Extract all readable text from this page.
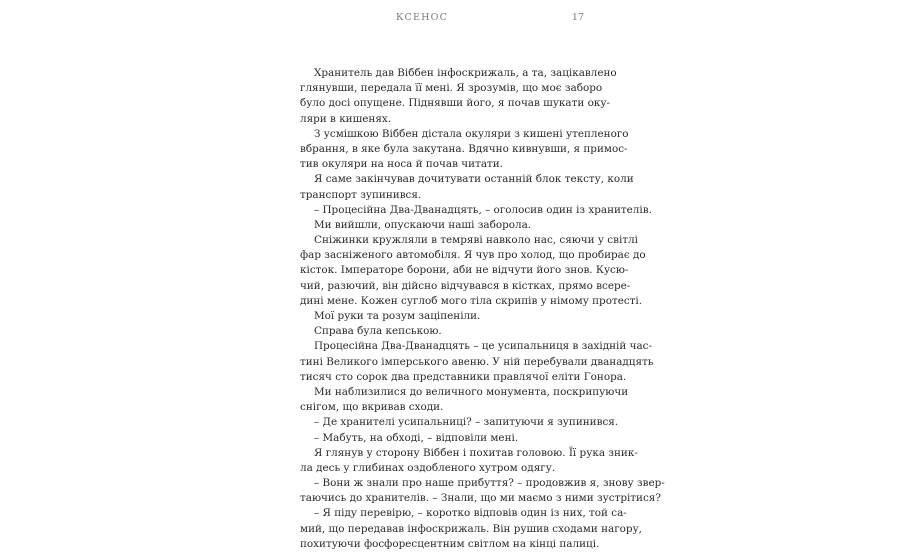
КСЕНОС	17

Хранитель дав Віббен інфоскрижаль, а та, зацікавлено
глянувши, передала її мені. Я зрозумів, що моє заборо
було досі опущене. Піднявши його, я почав шукати оку-
ляри в кишенях.

З усмішкою Віббен дістала окуляри з кишені утепленого
вбрання, в яке була закутана. Вдячно кивнувши, я примос-
тив окуляри на носа й почав читати.

Я саме закінчував дочитувати останній блок тексту, коли
транспорт зупинився.

– Процесійна Два-Дванадцять, – оголосив один із хранителів.

Ми вийшли, опускаючи наші заборола.

Сніжинки кружляли в темряві навколо нас, сяючи у світлі
фар засніженого автомобіля. Я чув про холод, що пробирає до
кісток. Імператоре борони, аби не відчути його знов. Кусю-
чий, разючий, він дійсно відчувався в кістках, прямо всере-
дині мене. Кожен суглоб мого тіла скрипів у німому протесті.

Мої руки та розум заціпеніли.

Справа була кепською.

Процесійна Два-Дванадцять – це усипальниця в західній час-
тині Великого імперського авеню. У ній перебували дванадцять
тисяч сто сорок два представники правлячої еліти Гонора.

Ми наблизилися до величного монумента, поскрипуючи
снігом, що вкривав сходи.

– Де хранителі усипальниці? – запитуючи я зупинився.

– Мабуть, на обході, – відповіли мені.

Я глянув у сторону Віббен і похитав головою. Її рука зник-
ла десь у глибинах оздобленого хутром одягу.

– Вони ж знали про наше прибуття? – продовжив я, знову звер-
таючись до хранителів. – Знали, що ми маємо з ними зустрітися?

– Я піду перевірю, – коротко відповів один із них, той са-
мий, що передавав інфоскрижаль. Він рушив сходами нагору,
похитуючи фосфоресцентним світлом на кінці палиці.
